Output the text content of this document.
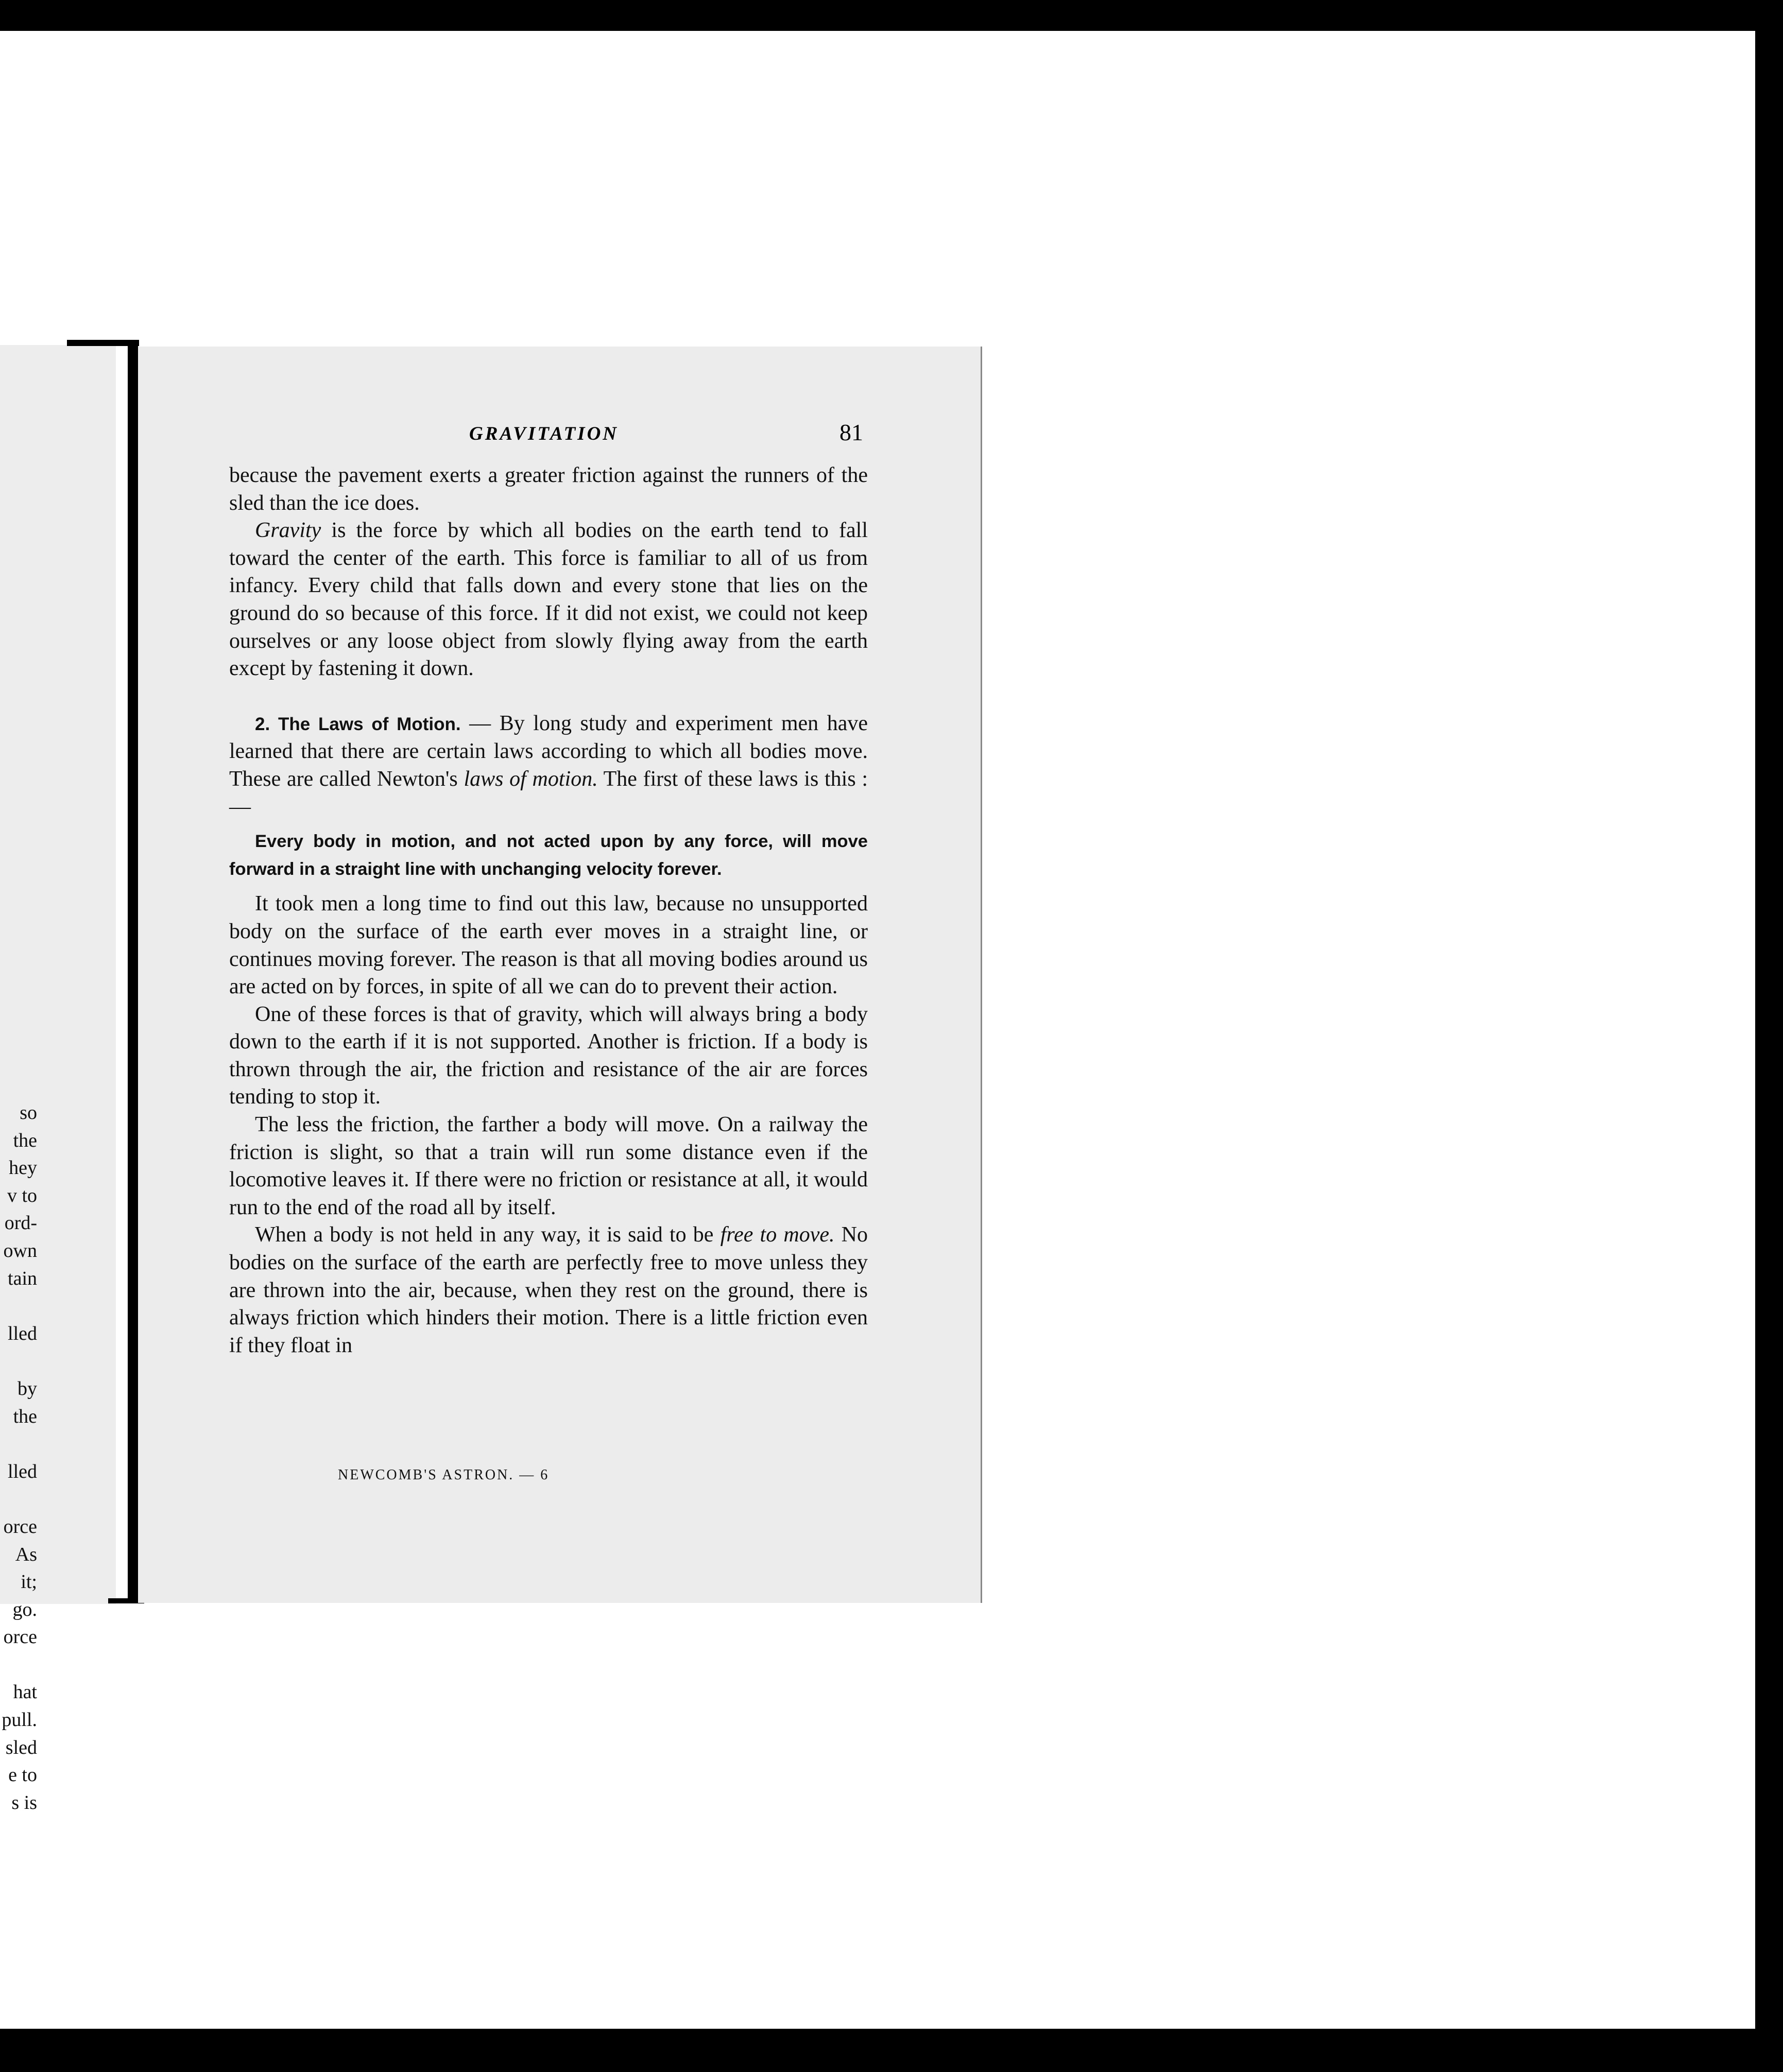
so
the
hey
v to
ord-
own
tain
lled
by
the
lled
orce
As
it;
go.
orce
hat
pull.
sled
e to
s is
GRAVITATION	81

because the pavement exerts a greater friction against the runners of the sled than the ice does.

Gravity is the force by which all bodies on the earth tend to fall toward the center of the earth. This force is familiar to all of us from infancy. Every child that falls down and every stone that lies on the ground do so because of this force. If it did not exist, we could not keep ourselves or any loose object from slowly flying away from the earth except by fastening it down.

2. The Laws of Motion. — By long study and experiment men have learned that there are certain laws according to which all bodies move. These are called Newton's laws of motion. The first of these laws is this : —

Every body in motion, and not acted upon by any force, will move forward in a straight line with unchanging velocity forever.

It took men a long time to find out this law, because no unsupported body on the surface of the earth ever moves in a straight line, or continues moving forever. The reason is that all moving bodies around us are acted on by forces, in spite of all we can do to prevent their action.

One of these forces is that of gravity, which will always bring a body down to the earth if it is not supported. Another is friction. If a body is thrown through the air, the friction and resistance of the air are forces tending to stop it.

The less the friction, the farther a body will move. On a railway the friction is slight, so that a train will run some distance even if the locomotive leaves it. If there were no friction or resistance at all, it would run to the end of the road all by itself.

When a body is not held in any way, it is said to be free to move. No bodies on the surface of the earth are perfectly free to move unless they are thrown into the air, because, when they rest on the ground, there is always friction which hinders their motion. There is a little friction even if they float in

NEWCOMB'S ASTRON. — 6
